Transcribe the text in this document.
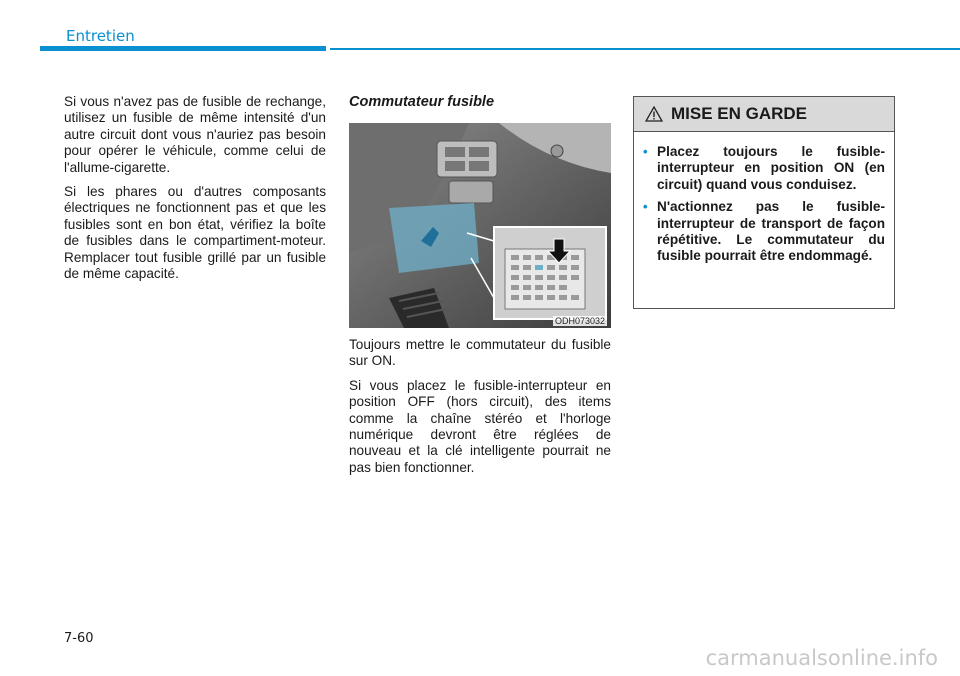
Entretien

Si vous n'avez pas de fusible de rechange, utilisez un fusible de même intensité d'un autre circuit dont vous n'auriez pas besoin pour opérer le véhicule, comme celui de l'allume-cigarette.

Si les phares ou d'autres composants électriques ne fonctionnent pas et que les fusibles sont en bon état, vérifiez la boîte de fusibles dans le compartiment-moteur. Remplacer tout fusible grillé par un fusible de même capacité.

Commutateur fusible
ODH073032

Toujours mettre le commutateur du fusible sur ON.

Si vous placez le fusible-interrupteur en position OFF (hors circuit), des items comme la chaîne stéréo et l'horloge numérique devront être réglées de nouveau et la clé intelligente pourrait ne pas bien fonctionner.

MISE EN GARDE
• Placez toujours le fusible-interrupteur en position ON (en circuit) quand vous conduisez.
• N'actionnez pas le fusible-interrupteur de transport de façon répétitive. Le commutateur du fusible pourrait être endommagé.
7-60
carmanualsonline.info
